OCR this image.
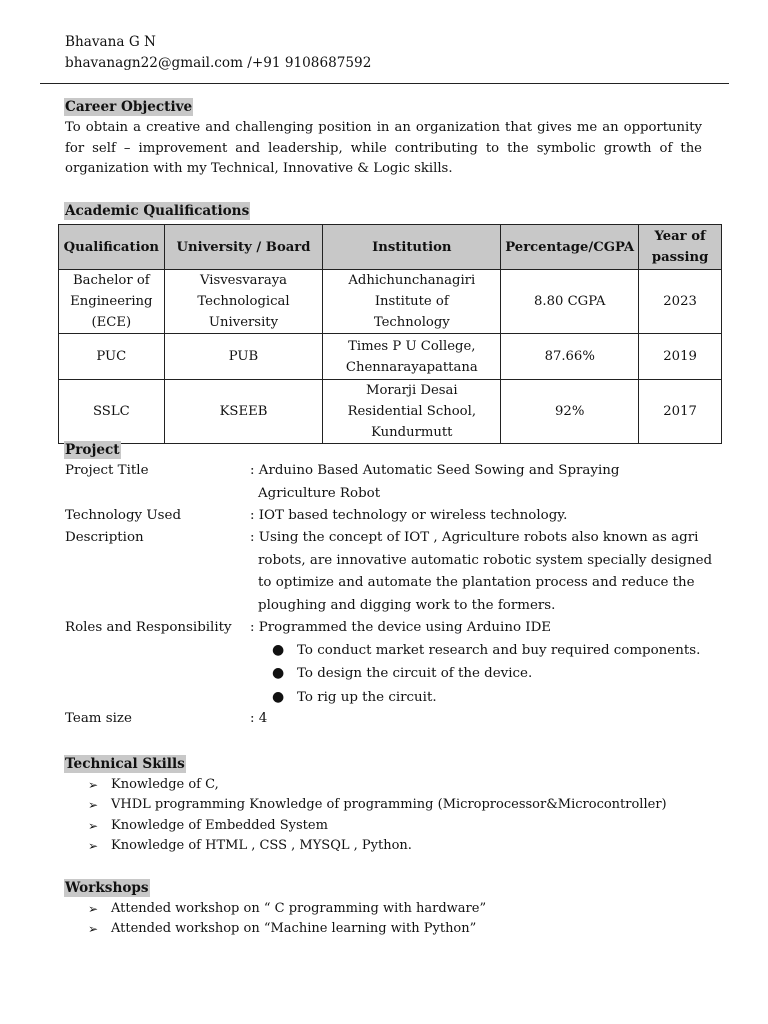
Bhavana G N
bhavanagn22@gmail.com /+91 9108687592
Career Objective
To obtain a creative and challenging position in an organization that gives me an opportunity for self – improvement and leadership, while contributing to the symbolic growth of the organization with my Technical, Innovative & Logic skills.
Academic Qualifications
Qualification	University / Board	Institution	Percentage/CGPA	Year of passing
Bachelor of Engineering (ECE)	Visvesvaraya Technological University	Adhichunchanagiri Institute of Technology	8.80 CGPA	2023
PUC	PUB	Times P U College, Chennarayapattana	87.66%	2019
SSLC	KSEEB	Morarji Desai Residential School, Kundurmutt	92%	2017
Project
Project Title	: Arduino Based Automatic Seed Sowing and Spraying
Agriculture Robot
Technology Used	: IOT based technology or wireless technology.
Description	: Using the concept of IOT , Agriculture robots also known as agri
robots, are innovative automatic robotic system specially designed
to optimize and automate the plantation process and reduce the
ploughing and digging work to the formers.
Roles and Responsibility : Programmed the device using Arduino IDE
● To conduct market research and buy required components.
● To design the circuit of the device.
● To rig up the circuit.
Team size	: 4
Technical Skills
➢ Knowledge of C,
➢ VHDL programming Knowledge of programming (Microprocessor&Microcontroller)
➢ Knowledge of Embedded System
➢ Knowledge of HTML , CSS , MYSQL , Python.
Workshops
➢ Attended workshop on “ C programming with hardware”
➢ Attended workshop on “Machine learning with Python”
